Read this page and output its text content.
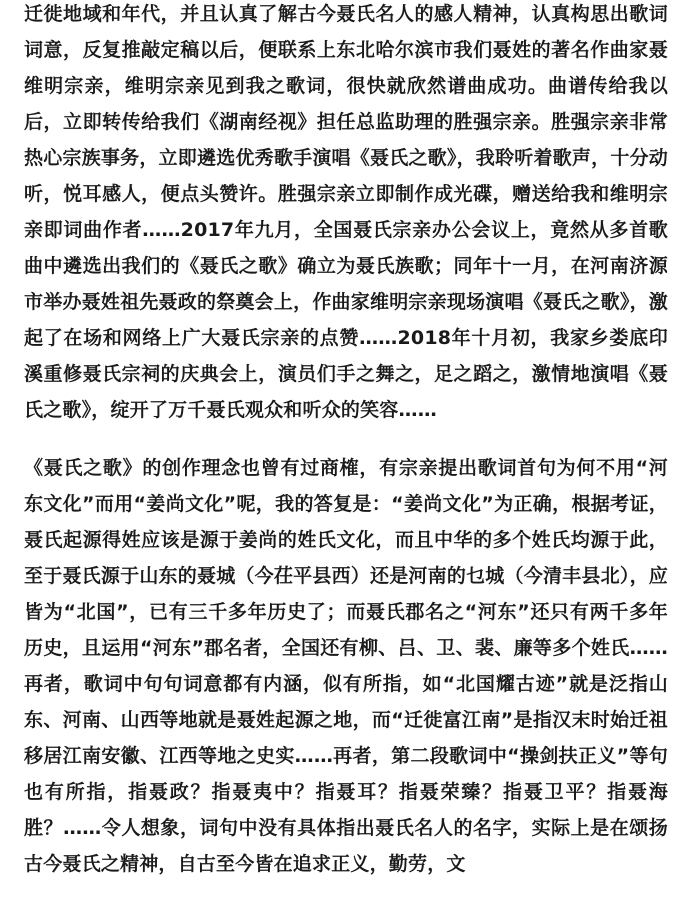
迁徙地域和年代，并且认真了解古今聂氏名人的感人精神，认真构思出歌词词意，反复推敲定稿以后，便联系上东北哈尔滨市我们聂姓的著名作曲家聂维明宗亲，维明宗亲见到我之歌词，很快就欣然谱曲成功。曲谱传给我以后，立即转传给我们《湖南经视》担任总监助理的胜强宗亲。胜强宗亲非常热心宗族事务，立即遴选优秀歌手演唱《聂氏之歌》，我聆听着歌声，十分动听，悦耳感人，便点头赞许。胜强宗亲立即制作成光碟，赠送给我和维明宗亲即词曲作者……2017年九月，全国聂氏宗亲办公会议上，竟然从多首歌曲中遴选出我们的《聂氏之歌》确立为聂氏族歌；同年十一月，在河南济源市举办聂姓祖先聂政的祭奠会上，作曲家维明宗亲现场演唱《聂氏之歌》，激起了在场和网络上广大聂氏宗亲的点赞……2018年十月初，我家乡娄底印溪重修聂氏宗祠的庆典会上，演员们手之舞之，足之蹈之，激情地演唱《聂氏之歌》，绽开了万千聂氏观众和听众的笑容……

《聂氏之歌》的创作理念也曾有过商榷，有宗亲提出歌词首句为何不用“河东文化”而用“姜尚文化”呢，我的答复是：“姜尚文化”为正确，根据考证，聂氏起源得姓应该是源于姜尚的姓氏文化，而且中华的多个姓氏均源于此，至于聂氏源于山东的聂城（今茌平县西）还是河南的乜城（今清丰县北），应皆为“北国”，已有三千多年历史了；而聂氏郡名之“河东”还只有两千多年历史，且运用“河东”郡名者，全国还有柳、吕、卫、裴、廉等多个姓氏……再者，歌词中句句词意都有内涵，似有所指，如“北国耀古迹”就是泛指山东、河南、山西等地就是聂姓起源之地，而“迁徙富江南”是指汉末时始迁祖移居江南安徽、江西等地之史实……再者，第二段歌词中“操剑扶正义”等句也有所指，指聂政？指聂夷中？指聂耳？指聂荣臻？指聂卫平？指聂海胜？……令人想象，词句中没有具体指出聂氏名人的名字，实际上是在颂扬古今聂氏之精神，自古至今皆在追求正义，勤劳，文
